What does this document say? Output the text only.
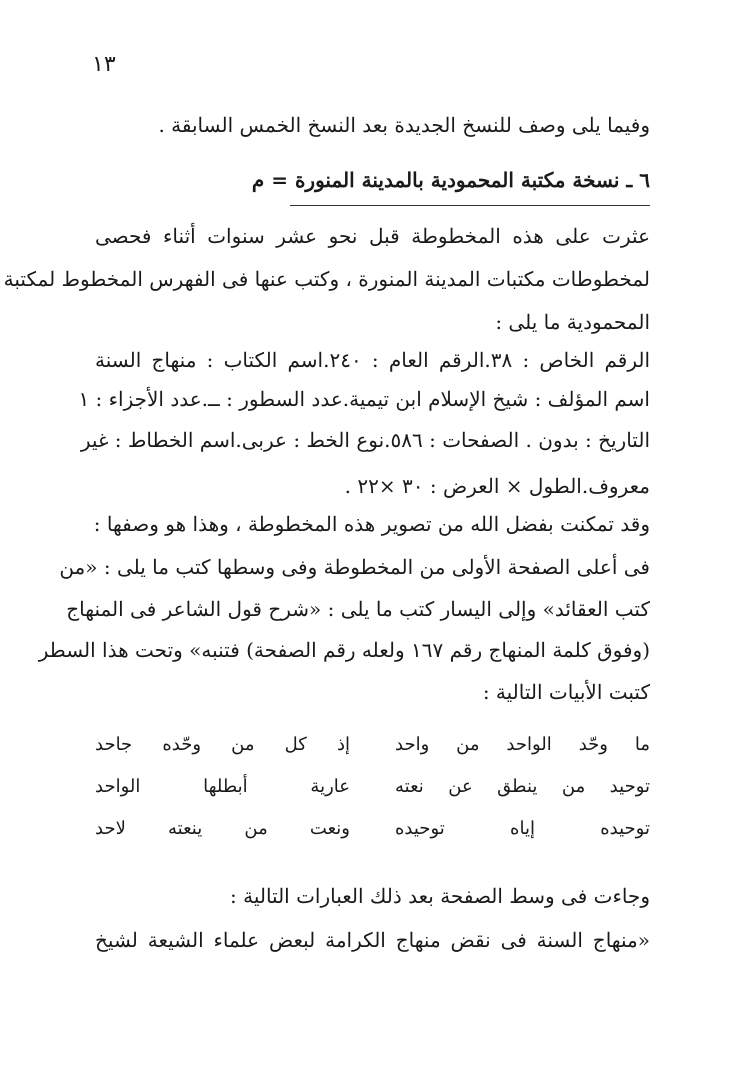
١٣
وفيما يلى وصف للنسخ الجديدة بعد النسخ الخمس السابقة .
٦ ـ نسخة مكتبة المحمودية بالمدينة المنورة = م
عثرت على هذه المخطوطة قبل نحو عشر سنوات أثناء فحصى
لمخطوطات مكتبات المدينة المنورة ، وكتب عنها فى الفهرس المخطوط لمكتبة
المحمودية ما يلى :
الرقم الخاص : ٣٨.الرقم العام : ٢٤٠.اسم الكتاب : منهاج السنة
اسم المؤلف : شيخ الإسلام ابن تيمية.عدد السطور : ــ.عدد الأجزاء : ١
التاريخ : بدون . الصفحات : ٥٨٦.نوع الخط : عربى.اسم الخطاط : غير
معروف.الطول × العرض : ٣٠ ×٢٢ .
وقد تمكنت بفضل الله من تصوير هذه المخطوطة ، وهذا هو وصفها :
فى أعلى الصفحة الأولى من المخطوطة وفى وسطها كتب ما يلى : «من
كتب العقائد» وإلى اليسار كتب ما يلى : «شرح قول الشاعر فى المنهاج
(وفوق كلمة المنهاج رقم ١٦٧ ولعله رقم الصفحة) فتنبه» وتحت هذا السطر
كتبت الأبيات التالية :
ما وحّد الواحد من واحد
إذ كل من وحّده جاحد
توحيد من ينطق عن نعته
عارية أبطلها الواحد
توحيده إياه توحيده
ونعت من ينعته لاحد
وجاءت فى وسط الصفحة بعد ذلك العبارات التالية :
«منهاج السنة فى نقض منهاج الكرامة لبعض علماء الشيعة لشيخ
